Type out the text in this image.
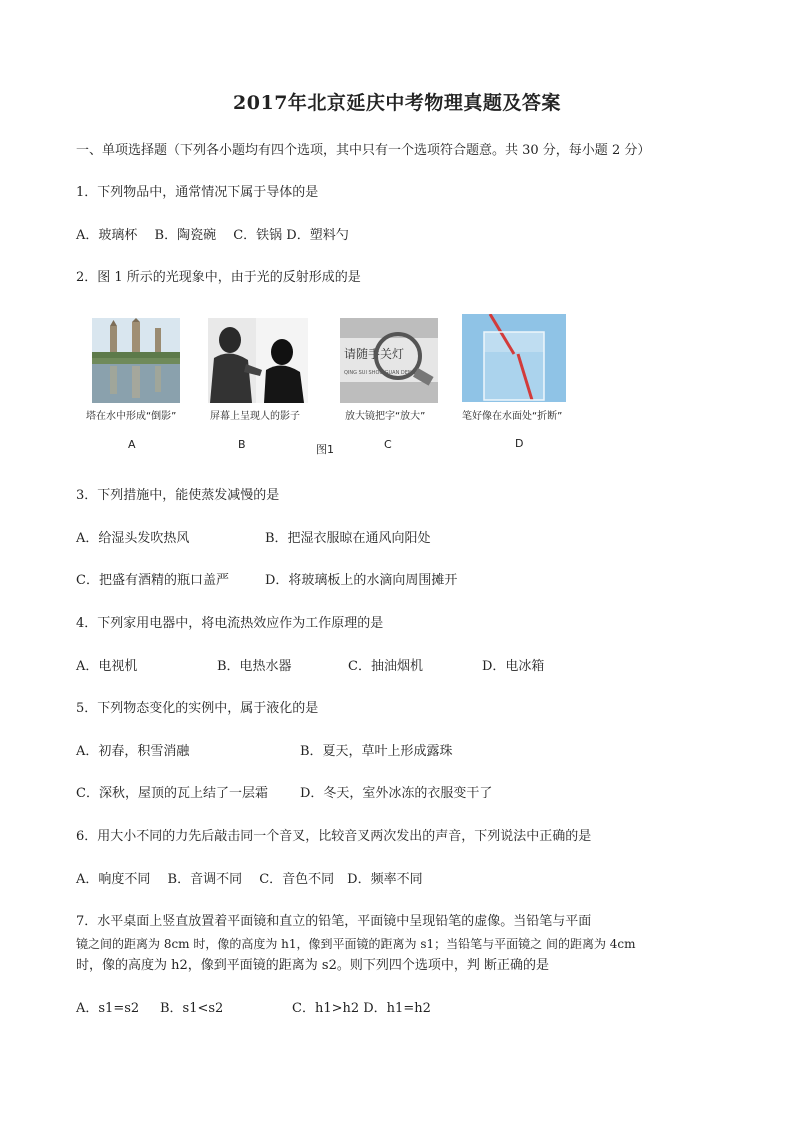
2017年北京延庆中考物理真题及答案
一、单项选择题（下列各小题均有四个选项，其中只有一个选项符合题意。共 30 分，每小题 2 分）
1．下列物品中，通常情况下属于导体的是
A．玻璃杯　 B．陶瓷碗　 C．铁锅 D．塑料勺
2．图 1 所示的光现象中，由于光的反射形成的是
塔在水中形成“倒影”
A
屏幕上呈现人的影子
B
请随手关灯
QING SUI SHOU GUAN DENG
放大镜把字“放大”
C
图1
笔好像在水面处“折断”
D
3．下列措施中，能使蒸发减慢的是
A．给湿头发吹热风	B．把湿衣服晾在通风向阳处
C．把盛有酒精的瓶口盖严	D．将玻璃板上的水滴向周围摊开
4．下列家用电器中，将电流热效应作为工作原理的是
A．电视机	B．电热水器	C．抽油烟机	D．电冰箱
5．下列物态变化的实例中，属于液化的是
A．初春，积雪消融	B．夏天，草叶上形成露珠
C．深秋，屋顶的瓦上结了一层霜 D．冬天，室外冰冻的衣服变干了
6．用大小不同的力先后敲击同一个音叉，比较音叉两次发出的声音，下列说法中正确的是
A．响度不同　 B．音调不同　 C．音色不同　D．频率不同
7．水平桌面上竖直放置着平面镜和直立的铅笔，平面镜中呈现铅笔的虚像。当铅笔与平面
镜之间的距离为 8cm 时，像的高度为 h1，像到平面镜的距离为 s1；当铅笔与平面镜之 间的距离为 4cm
时，像的高度为 h2，像到平面镜的距离为 s2。则下列四个选项中，判 断正确的是
A．s1=s2 B．s1<s2	C．h1>h2 D．h1=h2
